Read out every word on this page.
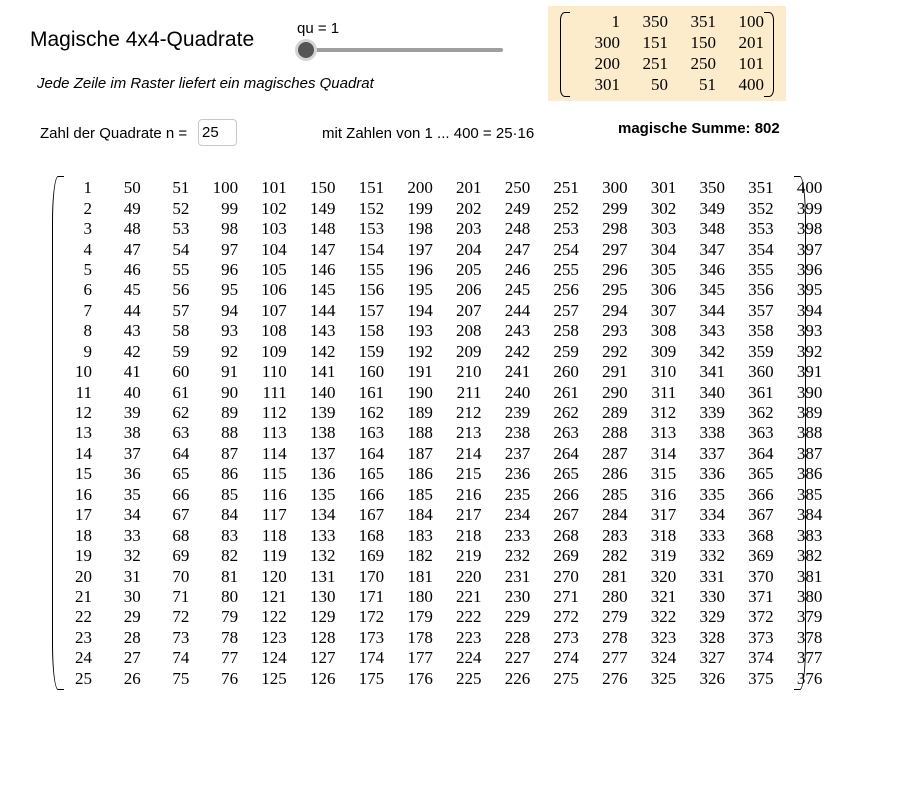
Magische 4x4-Quadrate
Jede Zeile im Raster liefert ein magisches Quadrat
qu = 1
Zahl der Quadrate n =
25	mit Zahlen von 1 ... 400 = 25·16	magische Summe: 802
1	350	351	100
300	151	150	201
200	251	250	101
301	50	51	400
1	50	51	100	101	150	151	200	201	250	251	300	301	350	351	400
2	49	52	99	102	149	152	199	202	249	252	299	302	349	352	399
3	48	53	98	103	148	153	198	203	248	253	298	303	348	353	398
4	47	54	97	104	147	154	197	204	247	254	297	304	347	354	397
5	46	55	96	105	146	155	196	205	246	255	296	305	346	355	396
6	45	56	95	106	145	156	195	206	245	256	295	306	345	356	395
7	44	57	94	107	144	157	194	207	244	257	294	307	344	357	394
8	43	58	93	108	143	158	193	208	243	258	293	308	343	358	393
9	42	59	92	109	142	159	192	209	242	259	292	309	342	359	392
10	41	60	91	110	141	160	191	210	241	260	291	310	341	360	391
11	40	61	90	111	140	161	190	211	240	261	290	311	340	361	390
12	39	62	89	112	139	162	189	212	239	262	289	312	339	362	389
13	38	63	88	113	138	163	188	213	238	263	288	313	338	363	388
14	37	64	87	114	137	164	187	214	237	264	287	314	337	364	387
15	36	65	86	115	136	165	186	215	236	265	286	315	336	365	386
16	35	66	85	116	135	166	185	216	235	266	285	316	335	366	385
17	34	67	84	117	134	167	184	217	234	267	284	317	334	367	384
18	33	68	83	118	133	168	183	218	233	268	283	318	333	368	383
19	32	69	82	119	132	169	182	219	232	269	282	319	332	369	382
20	31	70	81	120	131	170	181	220	231	270	281	320	331	370	381
21	30	71	80	121	130	171	180	221	230	271	280	321	330	371	380
22	29	72	79	122	129	172	179	222	229	272	279	322	329	372	379
23	28	73	78	123	128	173	178	223	228	273	278	323	328	373	378
24	27	74	77	124	127	174	177	224	227	274	277	324	327	374	377
25	26	75	76	125	126	175	176	225	226	275	276	325	326	375	376
